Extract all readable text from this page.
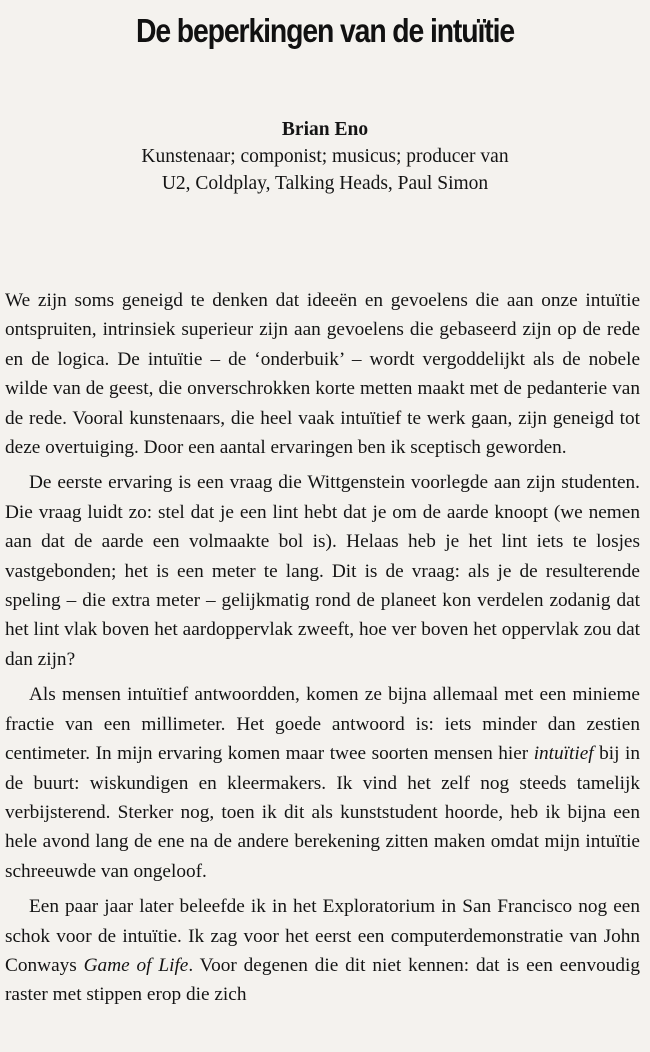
De beperkingen van de intuïtie
Brian Eno
Kunstenaar; componist; musicus; producer van
U2, Coldplay, Talking Heads, Paul Simon

We zijn soms geneigd te denken dat ideeën en gevoelens die aan onze intuïtie ontspruiten, intrinsiek superieur zijn aan gevoelens die gebaseerd zijn op de rede en de logica. De intuïtie – de ‘onderbuik’ – wordt vergoddelijkt als de nobele wilde van de geest, die onverschrokken korte metten maakt met de pedanterie van de rede. Vooral kunstenaars, die heel vaak intuïtief te werk gaan, zijn geneigd tot deze overtuiging. Door een aantal ervaringen ben ik sceptisch geworden.

De eerste ervaring is een vraag die Wittgenstein voorlegde aan zijn studenten. Die vraag luidt zo: stel dat je een lint hebt dat je om de aarde knoopt (we nemen aan dat de aarde een volmaakte bol is). Helaas heb je het lint iets te losjes vastgebonden; het is een meter te lang. Dit is de vraag: als je de resulterende speling – die extra meter – gelijkmatig rond de planeet kon verdelen zodanig dat het lint vlak boven het aardoppervlak zweeft, hoe ver boven het oppervlak zou dat dan zijn?

Als mensen intuïtief antwoordden, komen ze bijna allemaal met een minieme fractie van een millimeter. Het goede antwoord is: iets minder dan zestien centimeter. In mijn ervaring komen maar twee soorten mensen hier intuïtief bij in de buurt: wiskundigen en kleermakers. Ik vind het zelf nog steeds tamelijk verbijsterend. Sterker nog, toen ik dit als kunststudent hoorde, heb ik bijna een hele avond lang de ene na de andere berekening zitten maken omdat mijn intuïtie schreeuwde van ongeloof.

Een paar jaar later beleefde ik in het Exploratorium in San Francisco nog een schok voor de intuïtie. Ik zag voor het eerst een computerdemonstratie van John Conways Game of Life. Voor degenen die dit niet kennen: dat is een eenvoudig raster met stippen erop die zich
